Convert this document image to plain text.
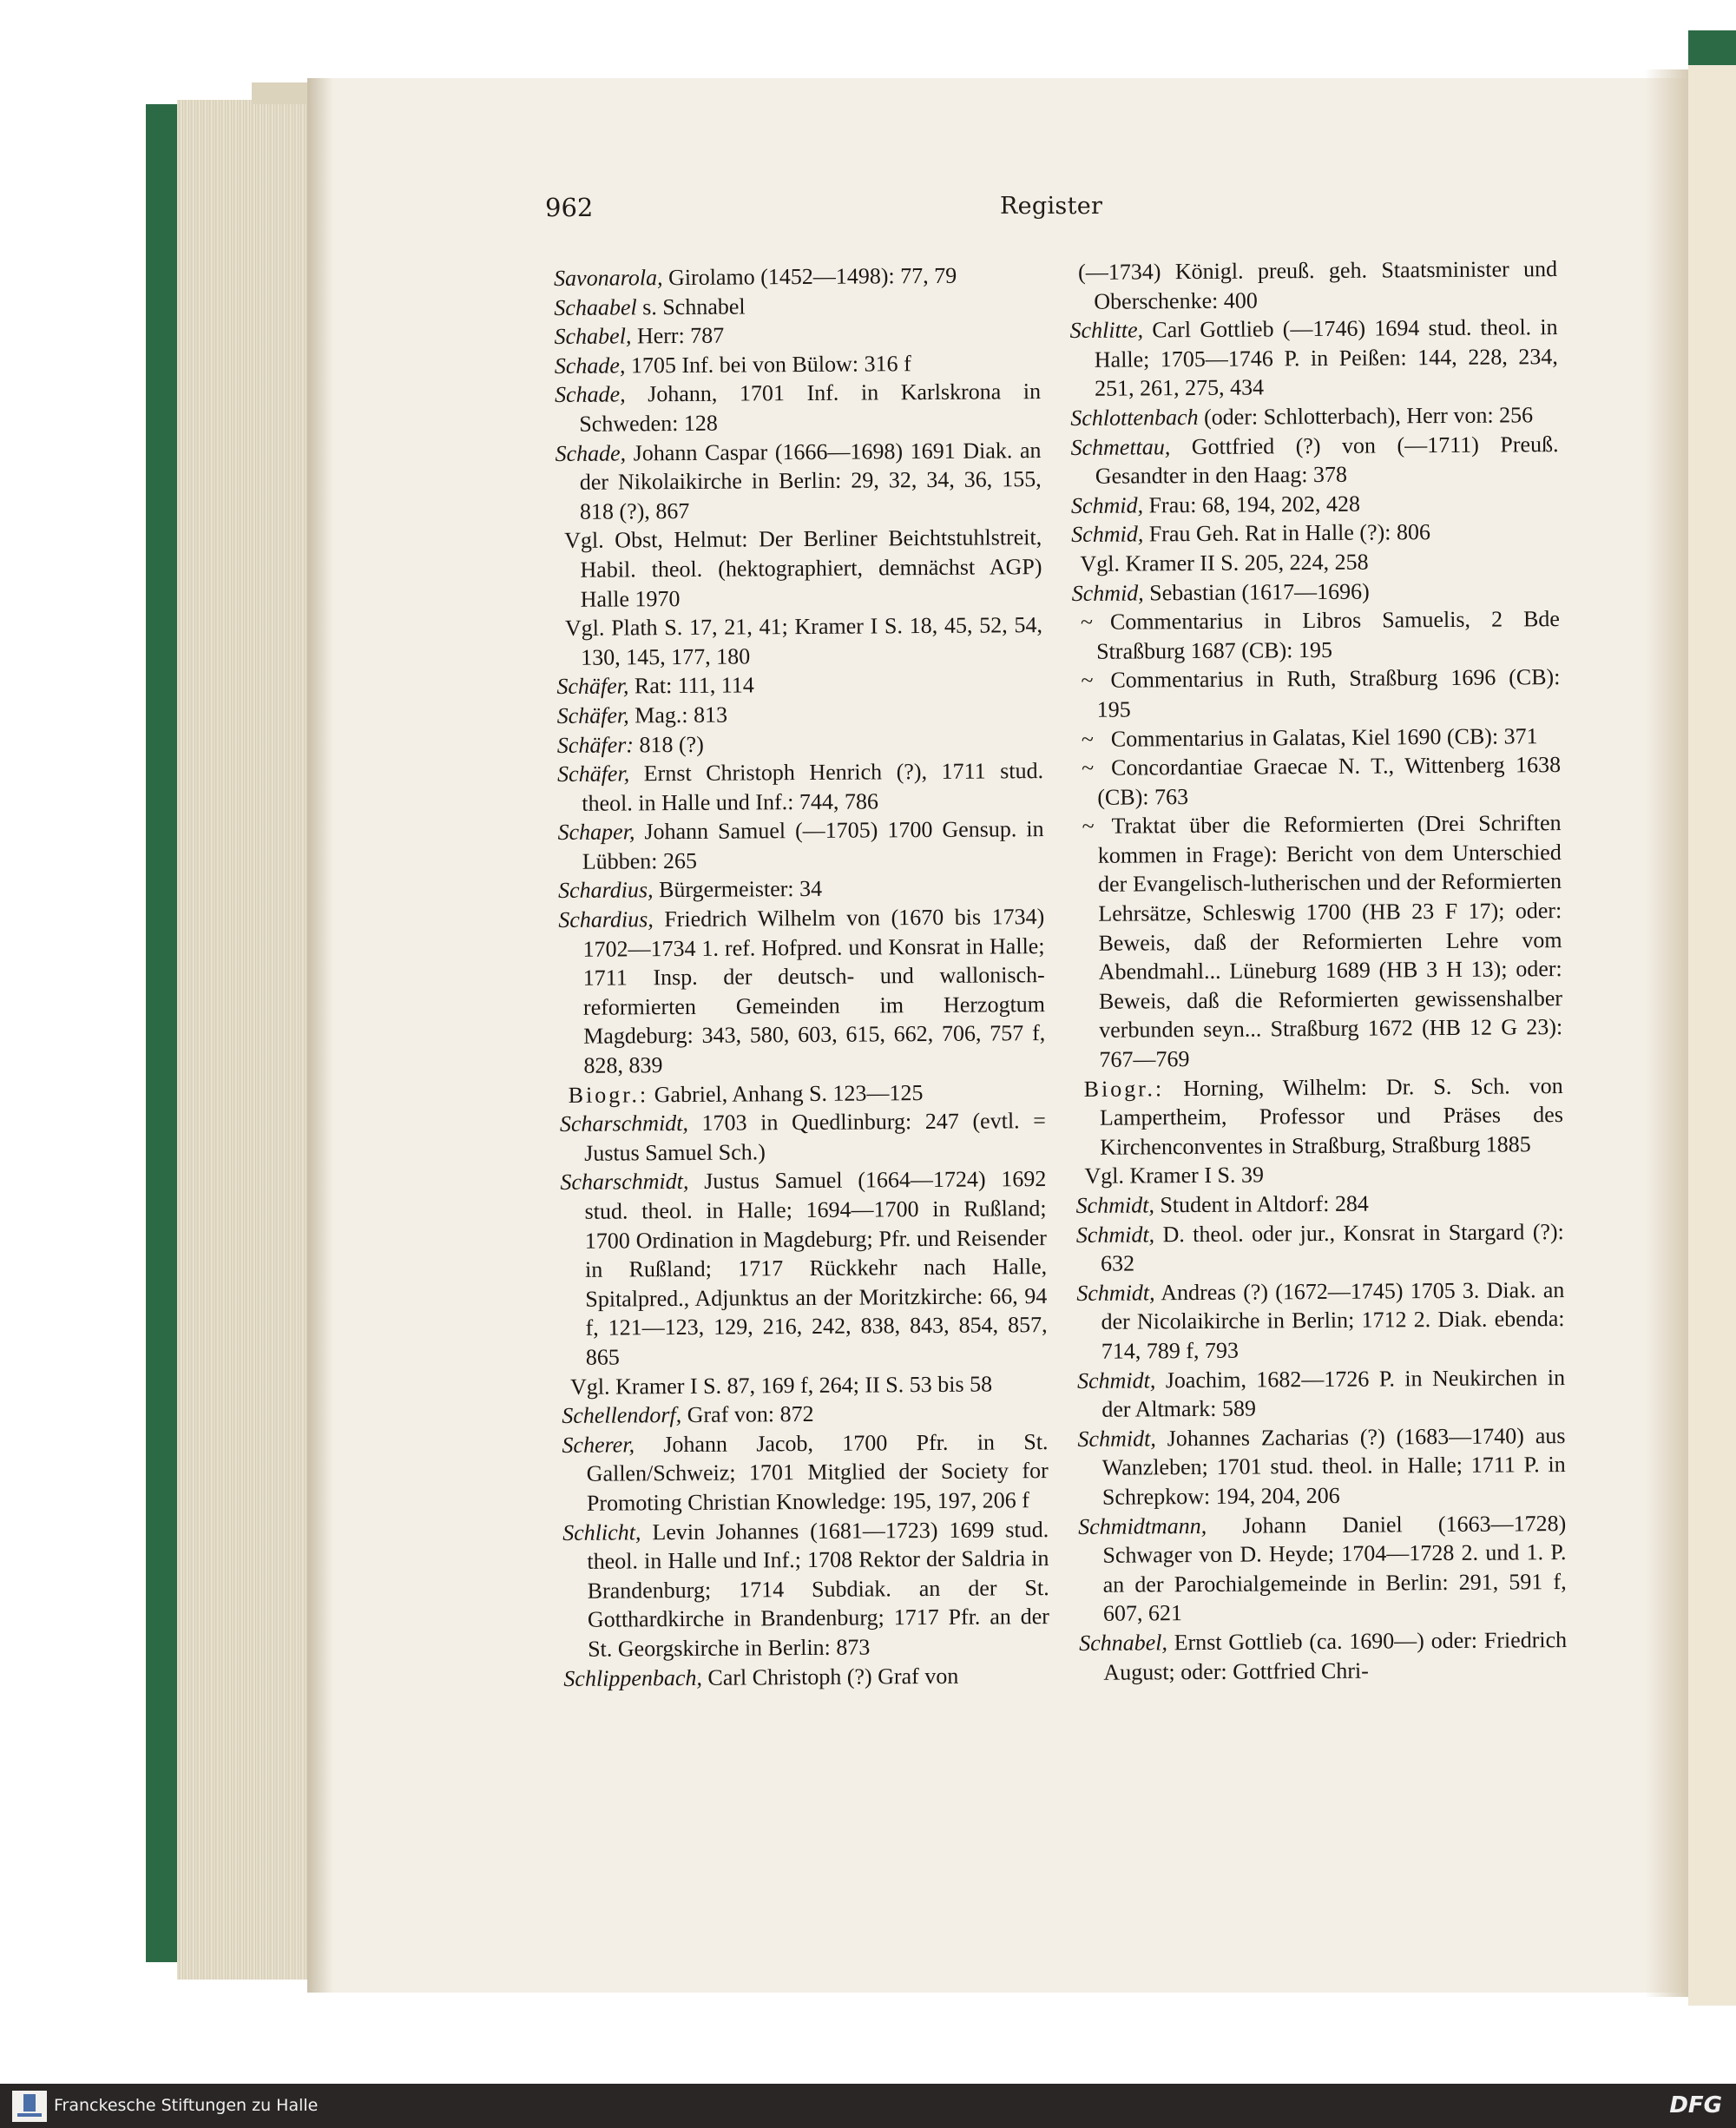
962	Register

Savonarola, Girolamo (1452—1498): 77, 79

Schaabel s. Schnabel

Schabel, Herr: 787

Schade, 1705 Inf. bei von Bülow: 316 f

Schade, Johann, 1701 Inf. in Karlskrona in Schweden: 128

Schade, Johann Caspar (1666—1698) 1691 Diak. an der Nikolaikirche in Berlin: 29, 32, 34, 36, 155, 818 (?), 867

Vgl. Obst, Helmut: Der Berliner Beichtstuhlstreit, Habil. theol. (hektographiert, demnächst AGP) Halle 1970

Vgl. Plath S. 17, 21, 41; Kramer I S. 18, 45, 52, 54, 130, 145, 177, 180

Schäfer, Rat: 111, 114

Schäfer, Mag.: 813

Schäfer: 818 (?)

Schäfer, Ernst Christoph Henrich (?), 1711 stud. theol. in Halle und Inf.: 744, 786

Schaper, Johann Samuel (—1705) 1700 Gensup. in Lübben: 265

Schardius, Bürgermeister: 34

Schardius, Friedrich Wilhelm von (1670 bis 1734) 1702—1734 1. ref. Hofpred. und Konsrat in Halle; 1711 Insp. der deutsch- und wallonisch-reformierten Gemeinden im Herzogtum Magdeburg: 343, 580, 603, 615, 662, 706, 757 f, 828, 839

Biogr.: Gabriel, Anhang S. 123—125

Scharschmidt, 1703 in Quedlinburg: 247 (evtl. = Justus Samuel Sch.)

Scharschmidt, Justus Samuel (1664—1724) 1692 stud. theol. in Halle; 1694—1700 in Rußland; 1700 Ordination in Magdeburg; Pfr. und Reisender in Rußland; 1717 Rückkehr nach Halle, Spitalpred., Adjunktus an der Moritzkirche: 66, 94 f, 121—123, 129, 216, 242, 838, 843, 854, 857, 865

Vgl. Kramer I S. 87, 169 f, 264; II S. 53 bis 58

Schellendorf, Graf von: 872

Scherer, Johann Jacob, 1700 Pfr. in St. Gallen/Schweiz; 1701 Mitglied der Society for Promoting Christian Knowledge: 195, 197, 206 f

Schlicht, Levin Johannes (1681—1723) 1699 stud. theol. in Halle und Inf.; 1708 Rektor der Saldria in Brandenburg; 1714 Subdiak. an der St. Gotthardkirche in Brandenburg; 1717 Pfr. an der St. Georgskirche in Berlin: 873

Schlippenbach, Carl Christoph (?) Graf von

(—1734) Königl. preuß. geh. Staatsminister und Oberschenke: 400

Schlitte, Carl Gottlieb (—1746) 1694 stud. theol. in Halle; 1705—1746 P. in Peißen: 144, 228, 234, 251, 261, 275, 434

Schlottenbach (oder: Schlotterbach), Herr von: 256

Schmettau, Gottfried (?) von (—1711) Preuß. Gesandter in den Haag: 378

Schmid, Frau: 68, 194, 202, 428

Schmid, Frau Geh. Rat in Halle (?): 806

Vgl. Kramer II S. 205, 224, 258

Schmid, Sebastian (1617—1696)

~ Commentarius in Libros Samuelis, 2 Bde Straßburg 1687 (CB): 195

~ Commentarius in Ruth, Straßburg 1696 (CB): 195

~ Commentarius in Galatas, Kiel 1690 (CB): 371

~ Concordantiae Graecae N. T., Wittenberg 1638 (CB): 763

~ Traktat über die Reformierten (Drei Schriften kommen in Frage): Bericht von dem Unterschied der Evangelisch-lutherischen und der Reformierten Lehrsätze, Schleswig 1700 (HB 23 F 17); oder: Beweis, daß der Reformierten Lehre vom Abendmahl... Lüneburg 1689 (HB 3 H 13); oder: Beweis, daß die Reformierten gewissenshalber verbunden seyn... Straßburg 1672 (HB 12 G 23): 767—769

Biogr.: Horning, Wilhelm: Dr. S. Sch. von Lampertheim, Professor und Präses des Kirchenconventes in Straßburg, Straßburg 1885

Vgl. Kramer I S. 39

Schmidt, Student in Altdorf: 284

Schmidt, D. theol. oder jur., Konsrat in Stargard (?): 632

Schmidt, Andreas (?) (1672—1745) 1705 3. Diak. an der Nicolaikirche in Berlin; 1712 2. Diak. ebenda: 714, 789 f, 793

Schmidt, Joachim, 1682—1726 P. in Neukirchen in der Altmark: 589

Schmidt, Johannes Zacharias (?) (1683—1740) aus Wanzleben; 1701 stud. theol. in Halle; 1711 P. in Schrepkow: 194, 204, 206

Schmidtmann, Johann Daniel (1663—1728) Schwager von D. Heyde; 1704—1728 2. und 1. P. an der Parochialgemeinde in Berlin: 291, 591 f, 607, 621

Schnabel, Ernst Gottlieb (ca. 1690—) oder: Friedrich August; oder: Gottfried Chri-

Franckesche Stiftungen zu Halle	DFG
